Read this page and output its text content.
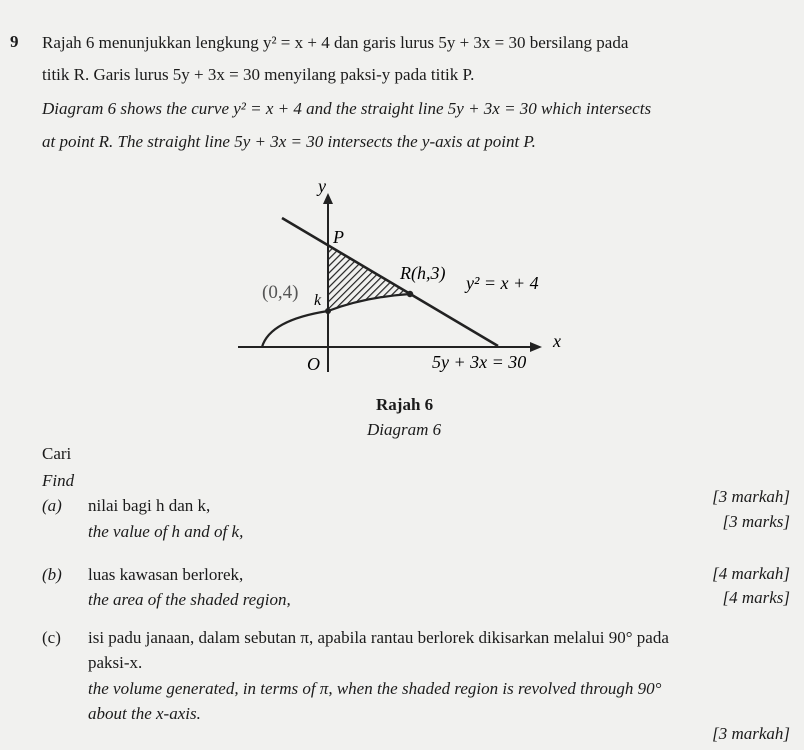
9 Rajah 6 menunjukkan lengkung y² = x + 4 dan garis lurus 5y + 3x = 30 bersilang pada
titik R. Garis lurus 5y + 3x = 30 menyilang paksi-y pada titik P.
Diagram 6 shows the curve y² = x + 4 and the straight line 5y + 3x = 30 which intersects
at point R. The straight line 5y + 3x = 30 intersects the y-axis at point P.
y
P
R(h,3)
k
y² = x + 4
x
O	5y + 3x = 30
(0,4)
Rajah 6
Diagram 6
Cari
Find
(a) nilai bagi h dan k,
the value of h and of k,
[3 markah]
[3 marks]
(b) luas kawasan berlorek,
the area of the shaded region,
[4 markah]
[4 marks]
(c) isi padu janaan, dalam sebutan π, apabila rantau berlorek dikisarkan melalui 90° pada
paksi-x.
the volume generated, in terms of π, when the shaded region is revolved through 90°
about the x-axis.
[3 markah]
